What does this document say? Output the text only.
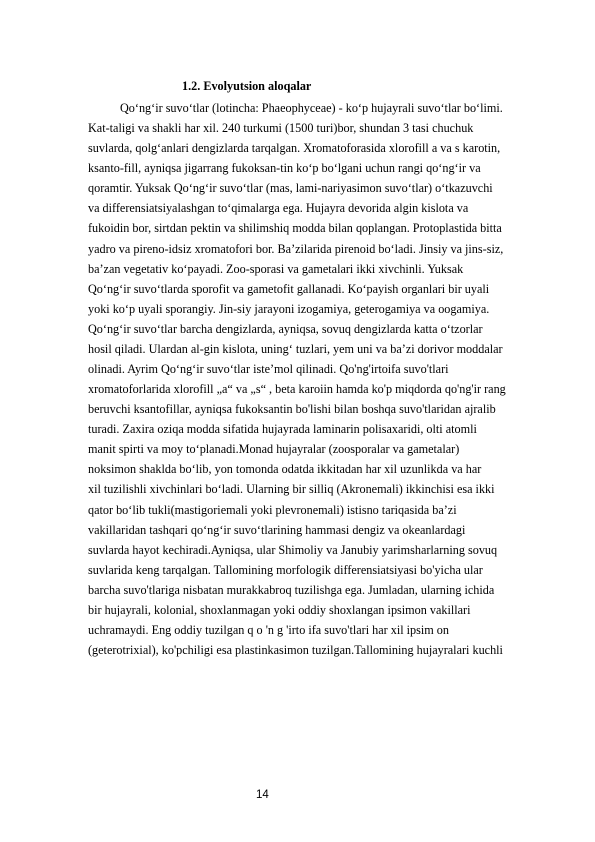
1.2. Evolyutsion aloqalar
Qo‘ng‘ir suvo‘tlar (lotincha: Phaeophyceae) - ko‘p hujayrali suvo‘tlar bo‘limi.
Kat-taligi va shakli har xil. 240 turkumi (1500 turi)bor, shundan 3 tasi chuchuk
suvlarda, qolg‘anlari dengizlarda tarqalgan. Xromatoforasida xlorofill a va s karotin,
ksanto-fill, ayniqsa jigarrang fukoksan-tin ko‘p bo‘lgani uchun rangi qo‘ng‘ir va
qoramtir. Yuksak Qo‘ng‘ir suvo‘tlar (mas, lami-nariyasimon suvo‘tlar) o‘tkazuvchi
va differensiatsiyalashgan to‘qimalarga ega. Hujayra devorida algin kislota va
fukoidin bor, sirtdan pektin va shilimshiq modda bilan qoplangan. Protoplastida bitta
yadro va pireno-idsiz xromatofori bor. Ba’zilarida pirenoid bo‘ladi. Jinsiy va jins-siz,
ba’zan vegetativ ko‘payadi. Zoo-sporasi va gametalari ikki xivchinli. Yuksak
Qo‘ng‘ir suvo‘tlarda sporofit va gametofit gallanadi. Ko‘payish organlari bir uyali
yoki ko‘p uyali sporangiy. Jin-siy jarayoni izogamiya, geterogamiya va oogamiya.
Qo‘ng‘ir suvo‘tlar barcha dengizlarda, ayniqsa, sovuq dengizlarda katta o‘tzorlar
hosil qiladi. Ulardan al-gin kislota, uning‘ tuzlari, yem uni va ba’zi dorivor moddalar
olinadi. Ayrim Qo‘ng‘ir suvo‘tlar iste’mol qilinadi. Qo'ng'irtoifa suvo'tlari
xromatoforlarida xlorofill „a“ va „s“ , beta karoiin hamda ko'p miqdorda qo'ng'ir rang
beruvchi ksantofillar, ayniqsa fukoksantin bo'lishi bilan boshqa suvo'tlaridan ajralib
turadi. Zaxira oziqa modda sifatida hujayrada laminarin polisaxaridi, olti atomli
manit spirti va moy to‘planadi.Monad hujayralar (zoosporalar va gametalar)
noksimon shaklda bo‘lib, yon tomonda odatda ikkitadan har xil uzunlikda va har
xil tuzilishli xivchinlari bo‘ladi. Ularning bir silliq (Akronemali) ikkinchisi esa ikki
qator bo‘lib tukli(mastigoriemali yoki plevronemali) istisno tariqasida ba’zi
vakillaridan tashqari qo‘ng‘ir suvo‘tlarining hammasi dengiz va okeanlardagi
suvlarda hayot kechiradi.Ayniqsa, ular Shimoliy va Janubiy yarimsharlarning sovuq
suvlarida keng tarqalgan. Tallomining morfologik differensiatsiyasi bo'yicha ular
barcha suvo'tlariga nisbatan murakkabroq tuzilishga ega. Jumladan, ularning ichida
bir hujayrali, kolonial, shoxlanmagan yoki oddiy shoxlangan ipsimon vakillari
uchramaydi. Eng oddiy tuzilgan q o 'n g 'irto ifa suvo'tlari har xil ipsim on
(geterotrixial), ko'pchiligi esa plastinkasimon tuzilgan.Tallomining hujayralari kuchli
14
